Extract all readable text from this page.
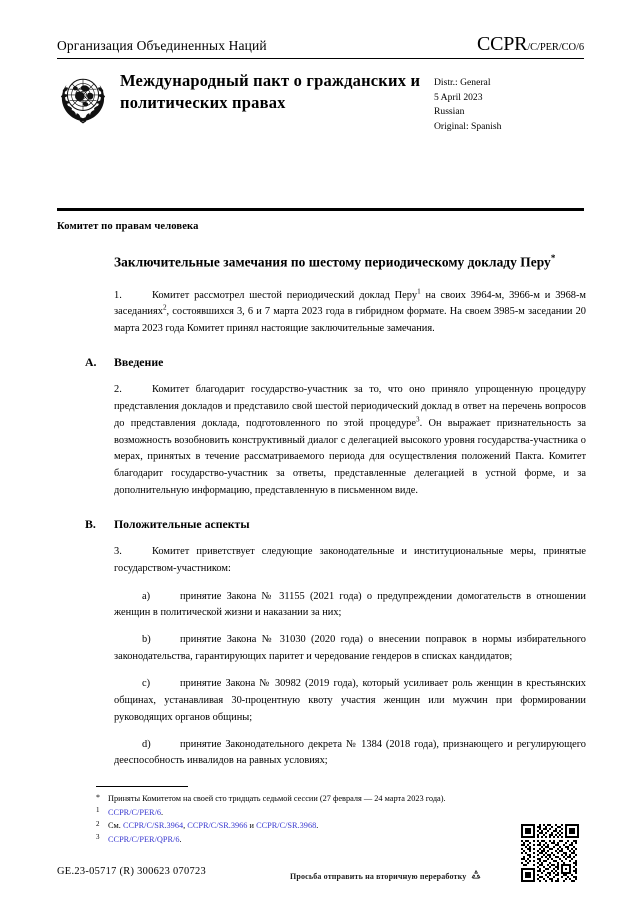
Организация Объединенных Наций	CCPR/C/PER/CO/6
Международный пакт о гражданских и политических правах
Distr.: General
5 April 2023
Russian
Original: Spanish
Комитет по правам человека
Заключительные замечания по шестому периодическому докладу Перу*

1.	Комитет рассмотрел шестой периодический доклад Перу$^1$ на своих 3964-м, 3966-м и 3968-м заседаниях$^2$, состоявшихся 3, 6 и 7 марта 2023 года в гибридном формате. На своем 3985-м заседании 20 марта 2023 года Комитет принял настоящие заключительные замечания.

A.	Введение

2.	Комитет благодарит государство-участник за то, что оно приняло упрощенную процедуру представления докладов и представило свой шестой периодический доклад в ответ на перечень вопросов до представления доклада, подготовленного по этой процедуре$^3$. Он выражает признательность за возможность возобновить конструктивный диалог с делегацией высокого уровня государства-участника о мерах, принятых в течение рассматриваемого периода для осуществления положений Пакта. Комитет благодарит государство-участник за ответы, представленные делегацией в устной форме, и за дополнительную информацию, представленную в письменном виде.

B.	Положительные аспекты

3.	Комитет приветствует следующие законодательные и институциональные меры, принятые государством-участником:

a)	принятие Закона № 31155 (2021 года) о предупреждении домогательств в отношении женщин в политической жизни и наказании за них;

b)	принятие Закона № 31030 (2020 года) о внесении поправок в нормы избирательного законодательства, гарантирующих паритет и чередование гендеров в списках кандидатов;

c)	принятие Закона № 30982 (2019 года), который усиливает роль женщин в крестьянских общинах, устанавливая 30-процентную квоту участия женщин или мужчин при формировании руководящих органов общины;

d)	принятие Законодательного декрета № 1384 (2018 года), признающего и регулирующего дееспособность инвалидов на равных условиях;

* Приняты Комитетом на своей сто тридцать седьмой сессии (27 февраля — 24 марта 2023 года).
1	CCPR/C/PER/6.
2	См. CCPR/C/SR.3964, CCPR/C/SR.3966 и CCPR/C/SR.3968.
3	CCPR/C/PER/QPR/6.
GE.23-05717 (R) 300623 070723	Просьба отправить на вторичную переработку
